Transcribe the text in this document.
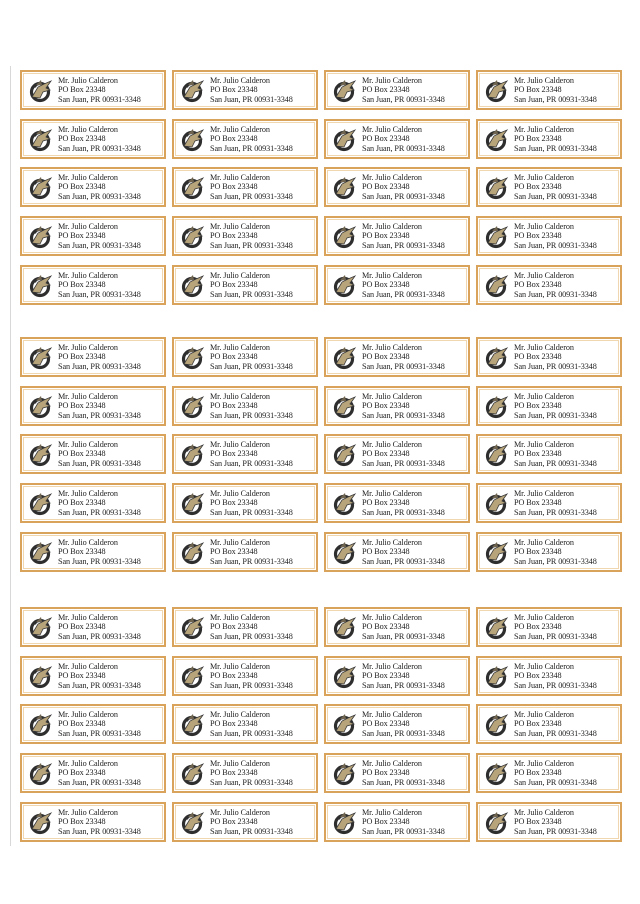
Mr. Julio Calderon
PO Box 23348
San Juan, PR 00931-3348
Mr. Julio Calderon
PO Box 23348
San Juan, PR 00931-3348
Mr. Julio Calderon
PO Box 23348
San Juan, PR 00931-3348
Mr. Julio Calderon
PO Box 23348
San Juan, PR 00931-3348
Mr. Julio Calderon
PO Box 23348
San Juan, PR 00931-3348
Mr. Julio Calderon
PO Box 23348
San Juan, PR 00931-3348
Mr. Julio Calderon
PO Box 23348
San Juan, PR 00931-3348
Mr. Julio Calderon
PO Box 23348
San Juan, PR 00931-3348
Mr. Julio Calderon
PO Box 23348
San Juan, PR 00931-3348
Mr. Julio Calderon
PO Box 23348
San Juan, PR 00931-3348
Mr. Julio Calderon
PO Box 23348
San Juan, PR 00931-3348
Mr. Julio Calderon
PO Box 23348
San Juan, PR 00931-3348
Mr. Julio Calderon
PO Box 23348
San Juan, PR 00931-3348
Mr. Julio Calderon
PO Box 23348
San Juan, PR 00931-3348
Mr. Julio Calderon
PO Box 23348
San Juan, PR 00931-3348
Mr. Julio Calderon
PO Box 23348
San Juan, PR 00931-3348
Mr. Julio Calderon
PO Box 23348
San Juan, PR 00931-3348
Mr. Julio Calderon
PO Box 23348
San Juan, PR 00931-3348
Mr. Julio Calderon
PO Box 23348
San Juan, PR 00931-3348
Mr. Julio Calderon
PO Box 23348
San Juan, PR 00931-3348
Mr. Julio Calderon
PO Box 23348
San Juan, PR 00931-3348
Mr. Julio Calderon
PO Box 23348
San Juan, PR 00931-3348
Mr. Julio Calderon
PO Box 23348
San Juan, PR 00931-3348
Mr. Julio Calderon
PO Box 23348
San Juan, PR 00931-3348
Mr. Julio Calderon
PO Box 23348
San Juan, PR 00931-3348
Mr. Julio Calderon
PO Box 23348
San Juan, PR 00931-3348
Mr. Julio Calderon
PO Box 23348
San Juan, PR 00931-3348
Mr. Julio Calderon
PO Box 23348
San Juan, PR 00931-3348
Mr. Julio Calderon
PO Box 23348
San Juan, PR 00931-3348
Mr. Julio Calderon
PO Box 23348
San Juan, PR 00931-3348
Mr. Julio Calderon
PO Box 23348
San Juan, PR 00931-3348
Mr. Julio Calderon
PO Box 23348
San Juan, PR 00931-3348
Mr. Julio Calderon
PO Box 23348
San Juan, PR 00931-3348
Mr. Julio Calderon
PO Box 23348
San Juan, PR 00931-3348
Mr. Julio Calderon
PO Box 23348
San Juan, PR 00931-3348
Mr. Julio Calderon
PO Box 23348
San Juan, PR 00931-3348
Mr. Julio Calderon
PO Box 23348
San Juan, PR 00931-3348
Mr. Julio Calderon
PO Box 23348
San Juan, PR 00931-3348
Mr. Julio Calderon
PO Box 23348
San Juan, PR 00931-3348
Mr. Julio Calderon
PO Box 23348
San Juan, PR 00931-3348
Mr. Julio Calderon
PO Box 23348
San Juan, PR 00931-3348
Mr. Julio Calderon
PO Box 23348
San Juan, PR 00931-3348
Mr. Julio Calderon
PO Box 23348
San Juan, PR 00931-3348
Mr. Julio Calderon
PO Box 23348
San Juan, PR 00931-3348
Mr. Julio Calderon
PO Box 23348
San Juan, PR 00931-3348
Mr. Julio Calderon
PO Box 23348
San Juan, PR 00931-3348
Mr. Julio Calderon
PO Box 23348
San Juan, PR 00931-3348
Mr. Julio Calderon
PO Box 23348
San Juan, PR 00931-3348
Mr. Julio Calderon
PO Box 23348
San Juan, PR 00931-3348
Mr. Julio Calderon
PO Box 23348
San Juan, PR 00931-3348
Mr. Julio Calderon
PO Box 23348
San Juan, PR 00931-3348
Mr. Julio Calderon
PO Box 23348
San Juan, PR 00931-3348
Mr. Julio Calderon
PO Box 23348
San Juan, PR 00931-3348
Mr. Julio Calderon
PO Box 23348
San Juan, PR 00931-3348
Mr. Julio Calderon
PO Box 23348
San Juan, PR 00931-3348
Mr. Julio Calderon
PO Box 23348
San Juan, PR 00931-3348
Mr. Julio Calderon
PO Box 23348
San Juan, PR 00931-3348
Mr. Julio Calderon
PO Box 23348
San Juan, PR 00931-3348
Mr. Julio Calderon
PO Box 23348
San Juan, PR 00931-3348
Mr. Julio Calderon
PO Box 23348
San Juan, PR 00931-3348
